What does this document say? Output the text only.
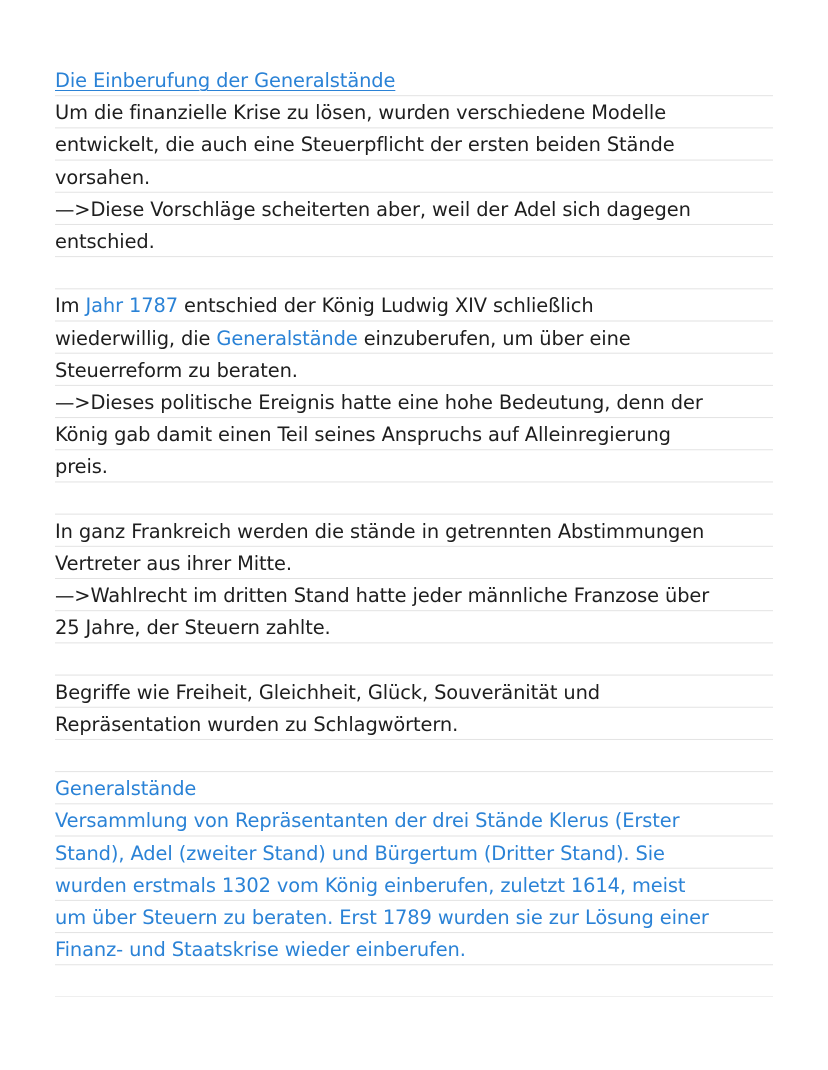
Die Einberufung der Generalstände
Um die finanzielle Krise zu lösen, wurden verschiedene Modelle
entwickelt, die auch eine Steuerpflicht der ersten beiden Stände
vorsahen.
—>Diese Vorschläge scheiterten aber, weil der Adel sich dagegen
entschied.
Im Jahr 1787 entschied der König Ludwig XIV schließlich
wiederwillig, die Generalstände einzuberufen, um über eine
Steuerreform zu beraten.
—>Dieses politische Ereignis hatte eine hohe Bedeutung, denn der
König gab damit einen Teil seines Anspruchs auf Alleinregierung
preis.
In ganz Frankreich werden die stände in getrennten Abstimmungen
Vertreter aus ihrer Mitte.
—>Wahlrecht im dritten Stand hatte jeder männliche Franzose über
25 Jahre, der Steuern zahlte.
Begriffe wie Freiheit, Gleichheit, Glück, Souveränität und
Repräsentation wurden zu Schlagwörtern.
Generalstände
Versammlung von Repräsentanten der drei Stände Klerus (Erster
Stand), Adel (zweiter Stand) und Bürgertum (Dritter Stand). Sie
wurden erstmals 1302 vom König einberufen, zuletzt 1614, meist
um über Steuern zu beraten. Erst 1789 wurden sie zur Lösung einer
Finanz- und Staatskrise wieder einberufen.
